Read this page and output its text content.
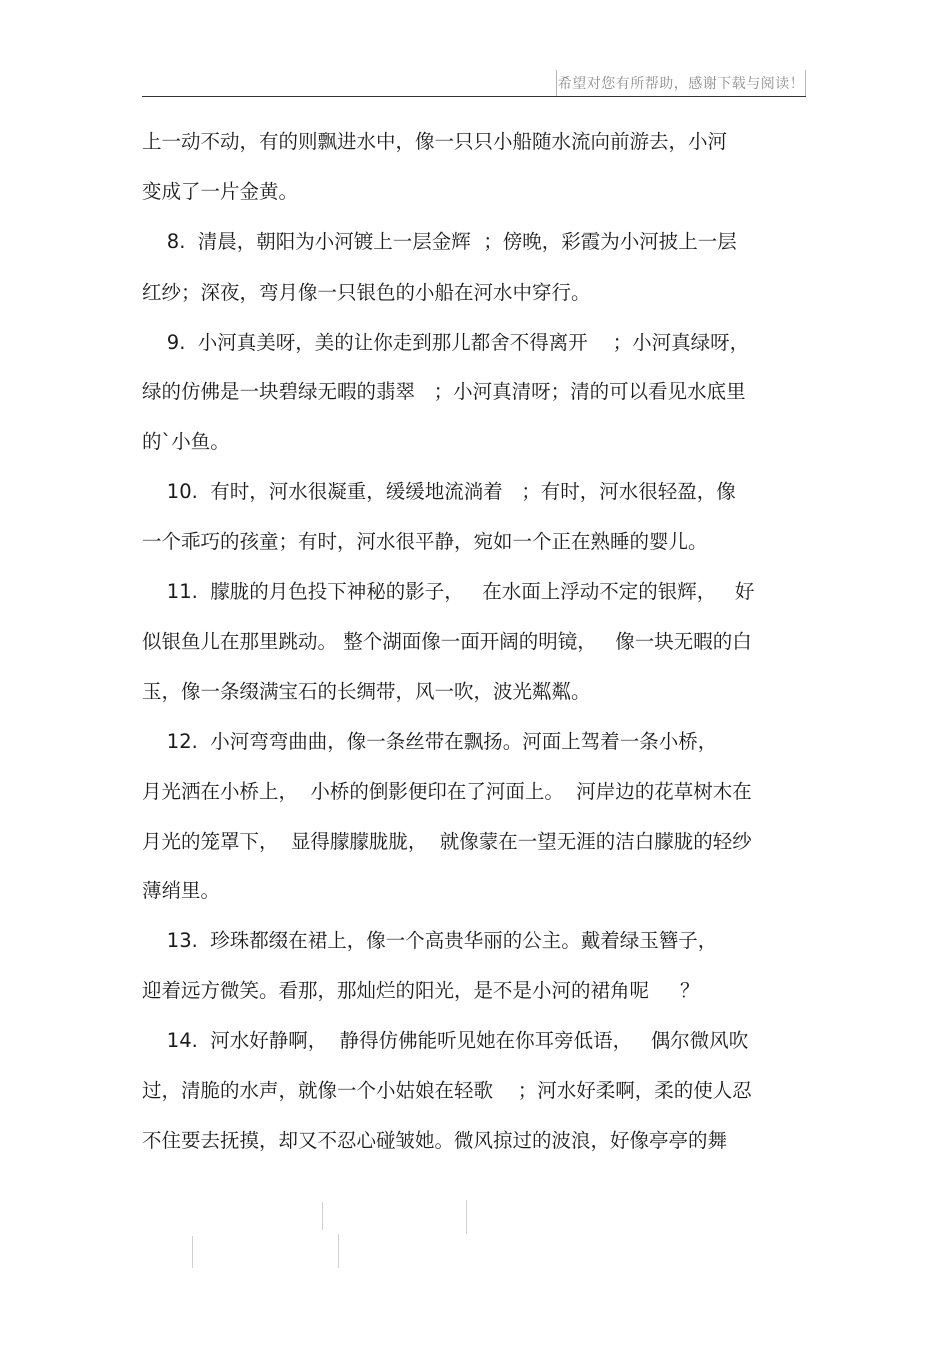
希望对您有所帮助，感谢下载与阅读！
上一动不动，有的则飘进水中，像一只只小船随水流向前游去，小河
变成了一片金黄。
8.  清晨，朝阳为小河镀上一层金辉  ；傍晚，彩霞为小河披上一层
红纱；深夜，弯月像一只银色的小船在河水中穿行。
9.  小河真美呀，美的让你走到那儿都舍不得离开    ；小河真绿呀，
绿的仿佛是一块碧绿无暇的翡翠   ；小河真清呀；清的可以看见水底里
的`小鱼。
10.  有时，河水很凝重，缓缓地流淌着   ；有时，河水很轻盈，像
一个乖巧的孩童；有时，河水很平静，宛如一个正在熟睡的婴儿。
11.  朦胧的月色投下神秘的影子，   在水面上浮动不定的银辉，   好
似银鱼儿在那里跳动。 整个湖面像一面开阔的明镜，   像一块无暇的白
玉，像一条缀满宝石的长绸带，风一吹，波光粼粼。
12.  小河弯弯曲曲，像一条丝带在飘扬。河面上驾着一条小桥，
月光洒在小桥上，  小桥的倒影便印在了河面上。  河岸边的花草树木在
月光的笼罩下，  显得朦朦胧胧，  就像蒙在一望无涯的洁白朦胧的轻纱
薄绡里。
13.  珍珠都缀在裙上，像一个高贵华丽的公主。戴着绿玉簪子，
迎着远方微笑。看那，那灿烂的阳光，是不是小河的裙角呢     ？
14.  河水好静啊，  静得仿佛能听见她在你耳旁低语，   偶尔微风吹
过，清脆的水声，就像一个小姑娘在轻歌    ；河水好柔啊，柔的使人忍
不住要去抚摸，却又不忍心碰皱她。微风掠过的波浪，好像亭亭的舞
